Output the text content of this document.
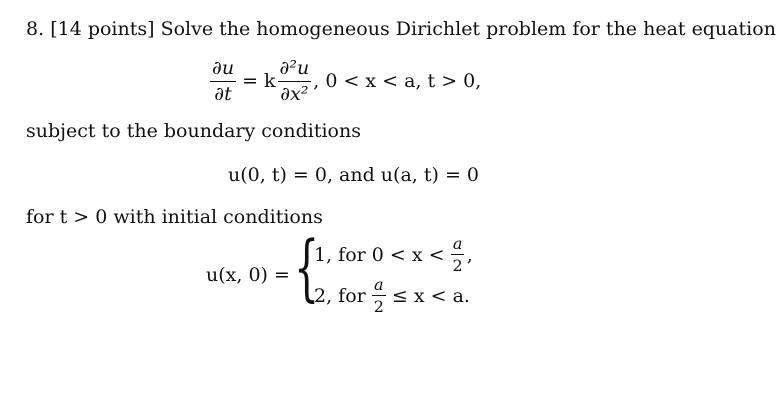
8. [14 points] Solve the homogeneous Dirichlet problem for the heat equation
$\frac{\partial u}{\partial t} = k \frac{\text{∂²u}}{\text{∂x²}}$ , 0 < x < a, t > 0,
subject to the boundary conditions
u(0, t) = 0, and u(a, t) = 0
for t > 0 with initial conditions
u(x, 0) = {
1, for $0 < x < \frac{a}{2}$ ,
2, for $\frac{a}{2} \le x < a$.
